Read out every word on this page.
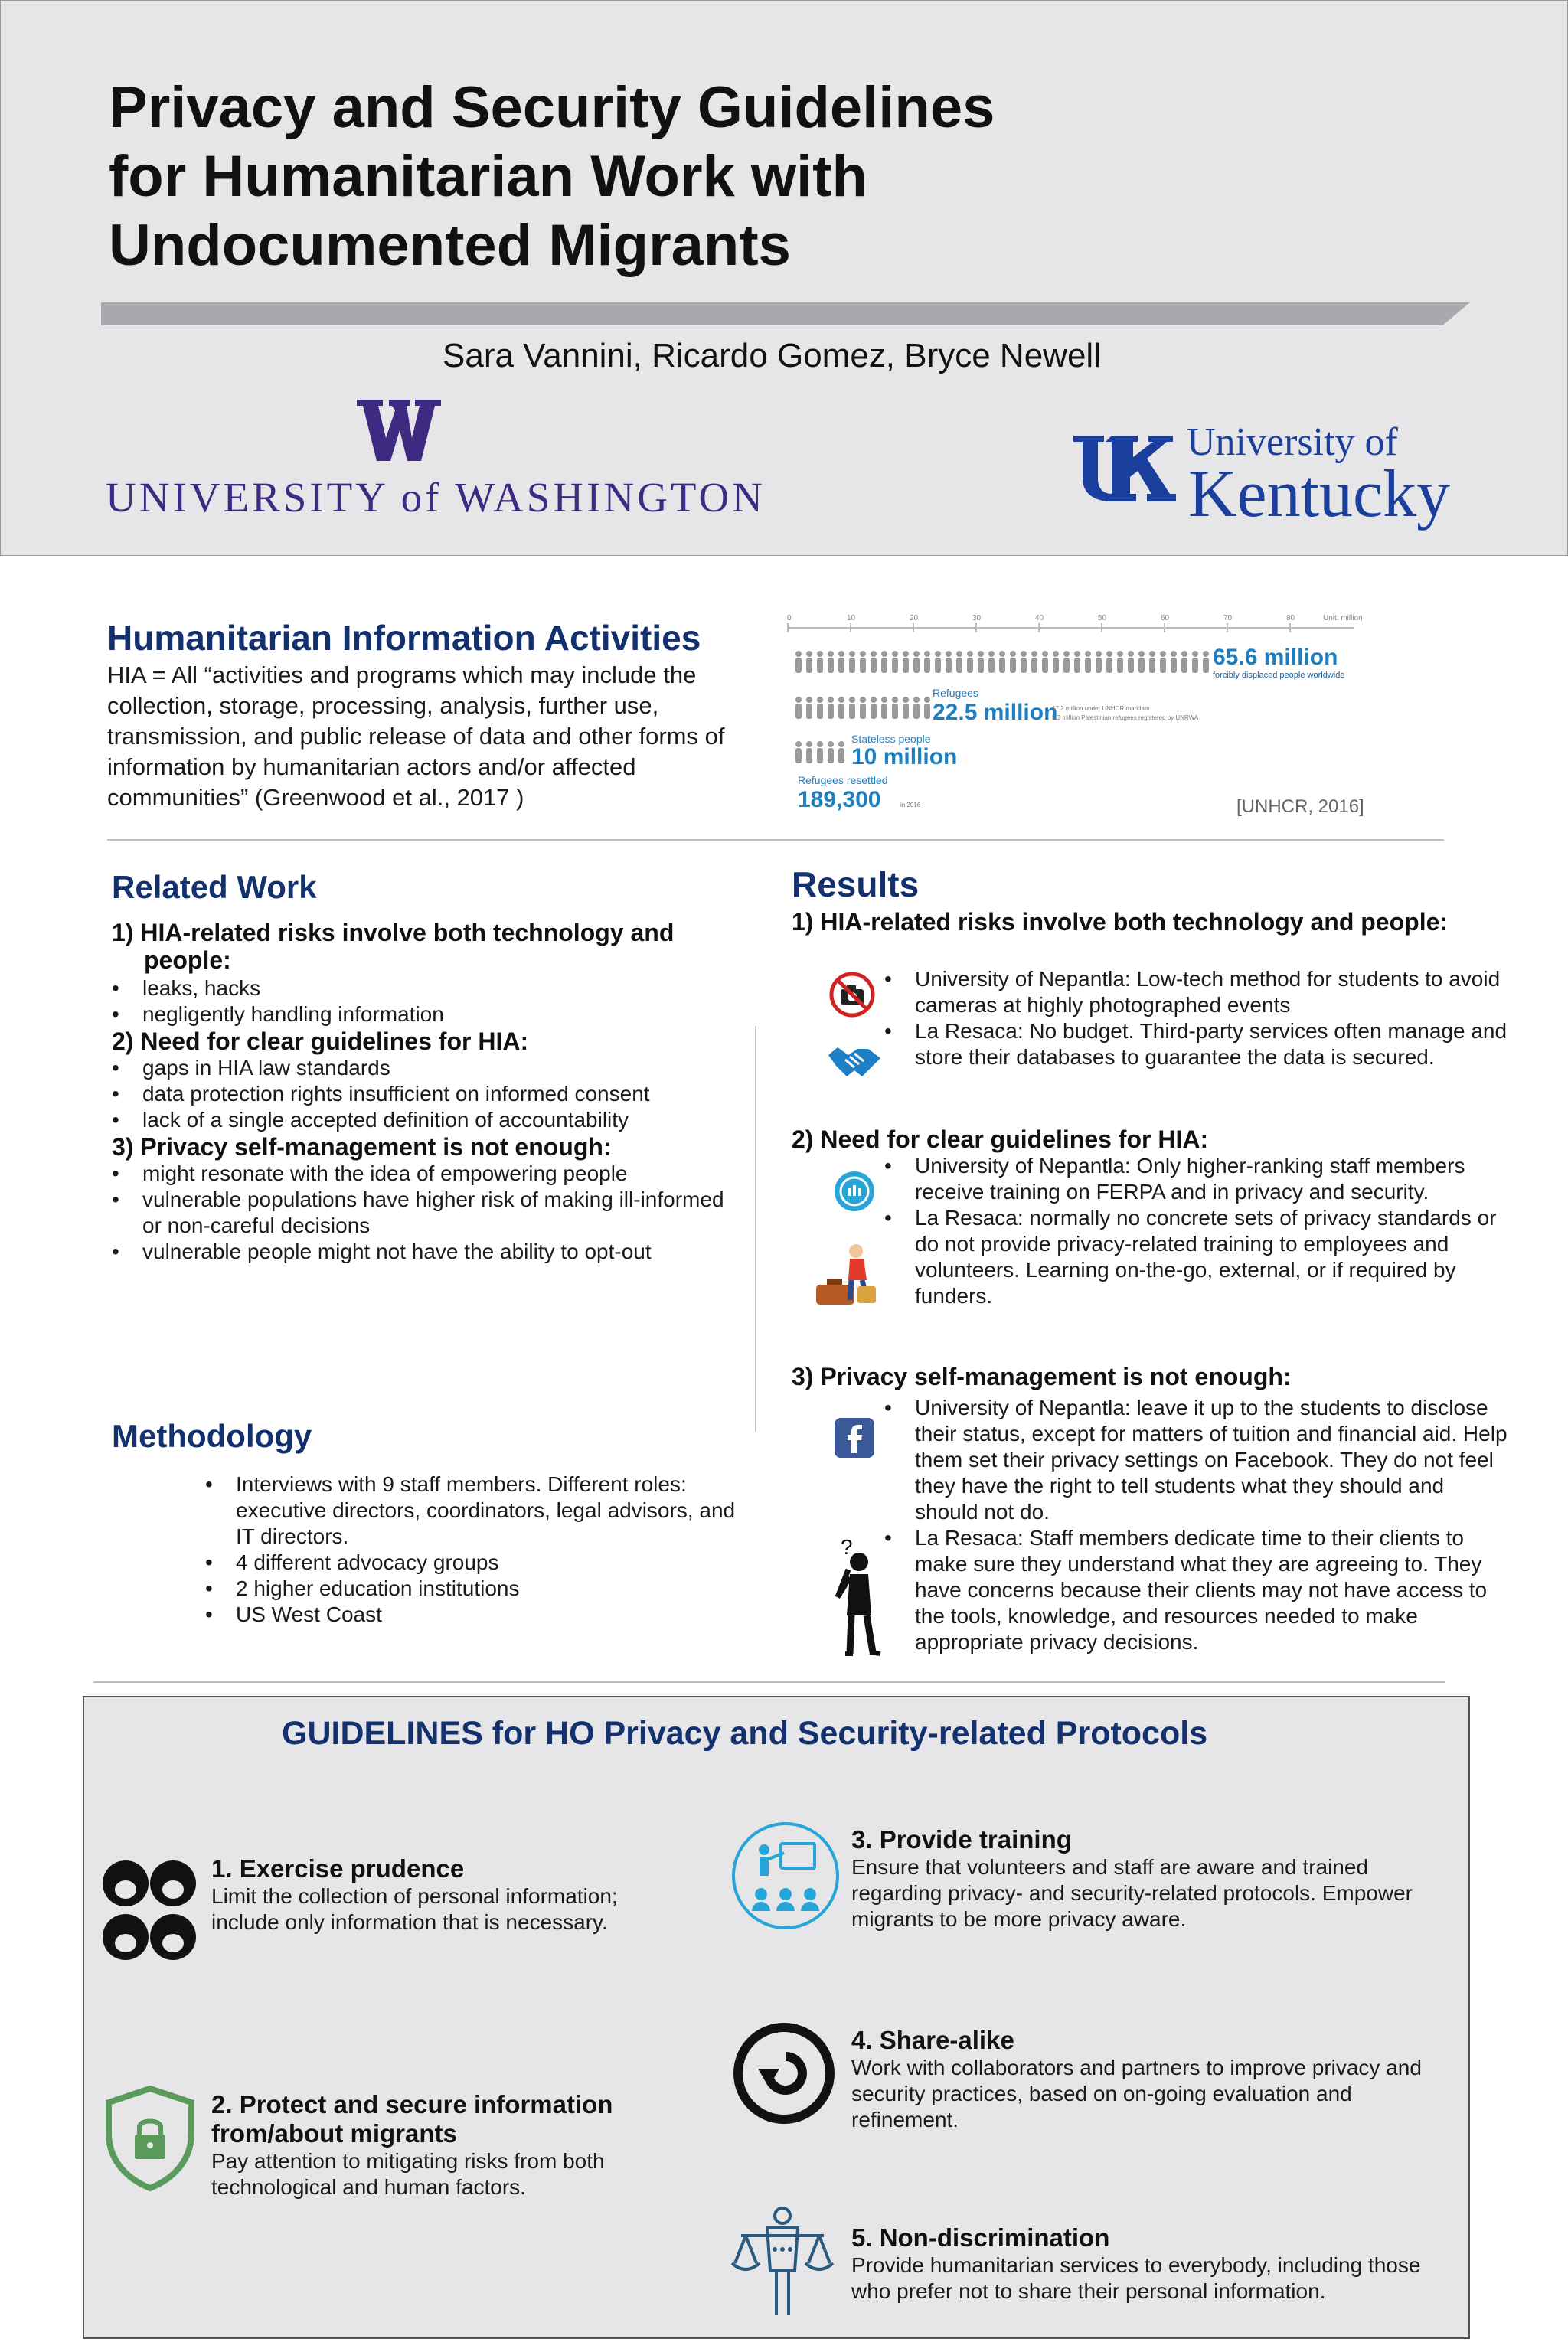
Privacy and Security Guidelines
for Humanitarian Work with
Undocumented Migrants
Sara Vannini, Ricardo Gomez, Bryce Newell
UNIVERSITY of WASHINGTON
University of
Kentucky
Humanitarian Information Activities
HIA = All “activities and programs which may include the collection, storage, processing, analysis, further use, transmission, and public release of data and other forms of information by humanitarian actors and/or affected communities” (Greenwood et al., 2017 )
0	10	20	30	40	50	60	70	80	Unit: million
65.6 million
forcibly displaced people worldwide
Refugees
22.5 million
17.2 million under UNHCR mandate
5.3 million Palestinian refugees registered by UNRWA
Stateless people
10 million
Refugees resettled
189,300	in 2016	[UNHCR, 2016]
Related Work
1) HIA-related risks involve both technology and people:
• leaks, hacks
• negligently handling information
2) Need for clear guidelines for HIA:
• gaps in HIA law standards
• data protection rights insufficient on informed consent
• lack of a single accepted definition of accountability
3) Privacy self-management is not enough:
• might resonate with the idea of empowering people
• vulnerable populations have higher risk of making ill-informed or non-careful decisions
• vulnerable people might not have the ability to opt-out
Methodology
• Interviews with 9 staff members. Different roles: executive directors, coordinators, legal advisors, and IT directors.
• 4 different advocacy groups
• 2 higher education institutions
• US West Coast
Results
1) HIA-related risks involve both technology and people:
• University of Nepantla: Low-tech method for students to avoid cameras at highly photographed events
• La Resaca: No budget. Third-party services often manage and store their databases to guarantee the data is secured.
2) Need for clear guidelines for HIA:
• University of Nepantla: Only higher-ranking staff members receive training on FERPA and in privacy and security.
• La Resaca: normally no concrete sets of privacy standards or do not provide privacy-related training to employees and volunteers. Learning on-the-go, external, or if required by funders.
3) Privacy self-management is not enough:
• University of Nepantla: leave it up to the students to disclose their status, except for matters of tuition and financial aid. Help them set their privacy settings on Facebook. They do not feel they have the right to tell students what they should and should not do.
• La Resaca: Staff members dedicate time to their clients to make sure they understand what they are agreeing to. They have concerns because their clients may not have access to the tools, knowledge, and resources needed to make appropriate privacy decisions.
?
GUIDELINES for HO Privacy and Security-related Protocols
1. Exercise prudence
Limit the collection of personal information; include only information that is necessary.
2. Protect and secure information from/about migrants
Pay attention to mitigating risks from both technological and human factors.
3. Provide training
Ensure that volunteers and staff are aware and trained regarding privacy- and security-related protocols. Empower migrants to be more privacy aware.
4. Share-alike
Work with collaborators and partners to improve privacy and security practices, based on on-going evaluation and refinement.
5. Non-discrimination
Provide humanitarian services to everybody, including those who prefer not to share their personal information.
